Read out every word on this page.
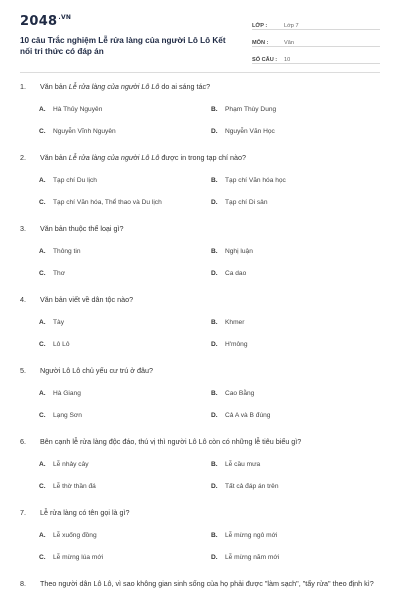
$2048^{.VN}$
10 câu Trắc nghiệm Lễ rửa làng của người Lô Lô Kết nối tri thức có đáp án
LỚP :	Lớp 7
MÔN :	Văn
SỐ CÂU :	10
1.	Văn bản Lễ rửa làng của người Lô Lô do ai sáng tác?
A.	Hà Thủy Nguyên	B.	Phạm Thùy Dung
C.	Nguyễn Vĩnh Nguyên	D.	Nguyễn Văn Học
2.	Văn bản Lễ rửa làng của người Lô Lô được in trong tạp chí nào?
A.	Tạp chí Du lịch	B.	Tạp chí Văn hóa học
C.	Tạp chí Văn hóa, Thể thao và Du lịch	D.	Tạp chí Di sản
3.	Văn bản thuộc thể loại gì?
A.	Thông tin	B.	Nghị luận
C.	Thơ	D.	Ca dao
4.	Văn bản viết về dân tộc nào?
A.	Tày	B.	Khmer
C.	Lô Lô	D.	H'mông
5.	Người Lô Lô chủ yếu cư trú ở đâu?
A.	Hà Giang	B.	Cao Bằng
C.	Lạng Sơn	D.	Cả A và B đúng
6.	Bên cạnh lễ rửa làng độc đáo, thú vị thì người Lô Lô còn có những lễ tiêu biểu gì?
A.	Lễ nhảy cây	B.	Lễ cầu mưa
C.	Lễ thờ thần đá	D.	Tất cả đáp án trên
7.	Lễ rửa làng có tên gọi là gì?
A.	Lễ xuống đồng	B.	Lễ mừng ngô mới
C.	Lễ mừng lúa mới	D.	Lễ mừng năm mới
8.	Theo người dân Lô Lô, vì sao không gian sinh sống của họ phải được "làm sạch", "tẩy rửa" theo định kì?
